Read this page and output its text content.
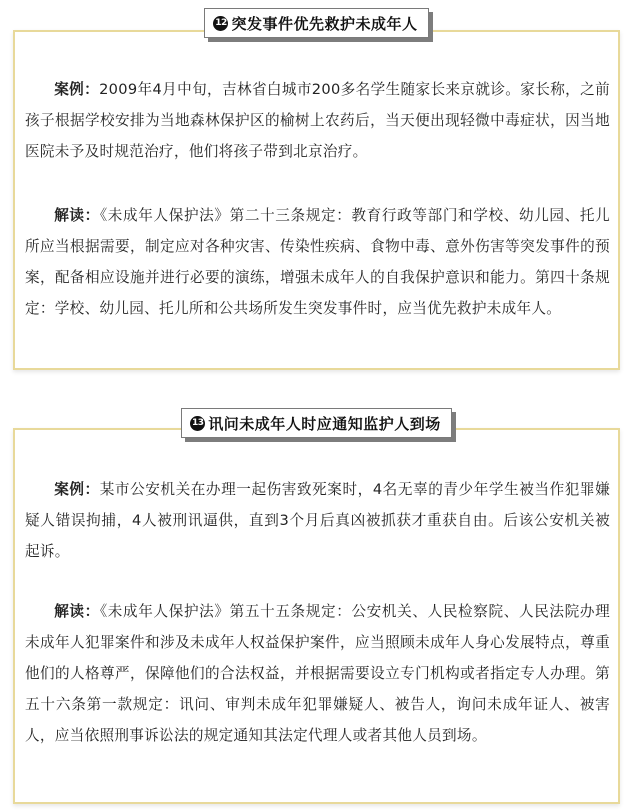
案例：2009年4月中旬，吉林省白城市200多名学生随家长来京就诊。家长称，之前孩子根据学校安排为当地森林保护区的榆树上农药后，当天便出现轻微中毒症状，因当地医院未予及时规范治疗，他们将孩子带到北京治疗。

解读：《未成年人保护法》第二十三条规定：教育行政等部门和学校、幼儿园、托儿所应当根据需要，制定应对各种灾害、传染性疾病、食物中毒、意外伤害等突发事件的预案，配备相应设施并进行必要的演练，增强未成年人的自我保护意识和能力。第四十条规定：学校、幼儿园、托儿所和公共场所发生突发事件时，应当优先救护未成年人。

12 突发事件优先救护未成年人

案例：某市公安机关在办理一起伤害致死案时，4名无辜的青少年学生被当作犯罪嫌疑人错误拘捕，4人被刑讯逼供，直到3个月后真凶被抓获才重获自由。后该公安机关被起诉。

解读：《未成年人保护法》第五十五条规定：公安机关、人民检察院、人民法院办理未成年人犯罪案件和涉及未成年人权益保护案件，应当照顾未成年人身心发展特点，尊重他们的人格尊严，保障他们的合法权益，并根据需要设立专门机构或者指定专人办理。第五十六条第一款规定：讯问、审判未成年犯罪嫌疑人、被告人，询问未成年证人、被害人，应当依照刑事诉讼法的规定通知其法定代理人或者其他人员到场。

13 讯问未成年人时应通知监护人到场
